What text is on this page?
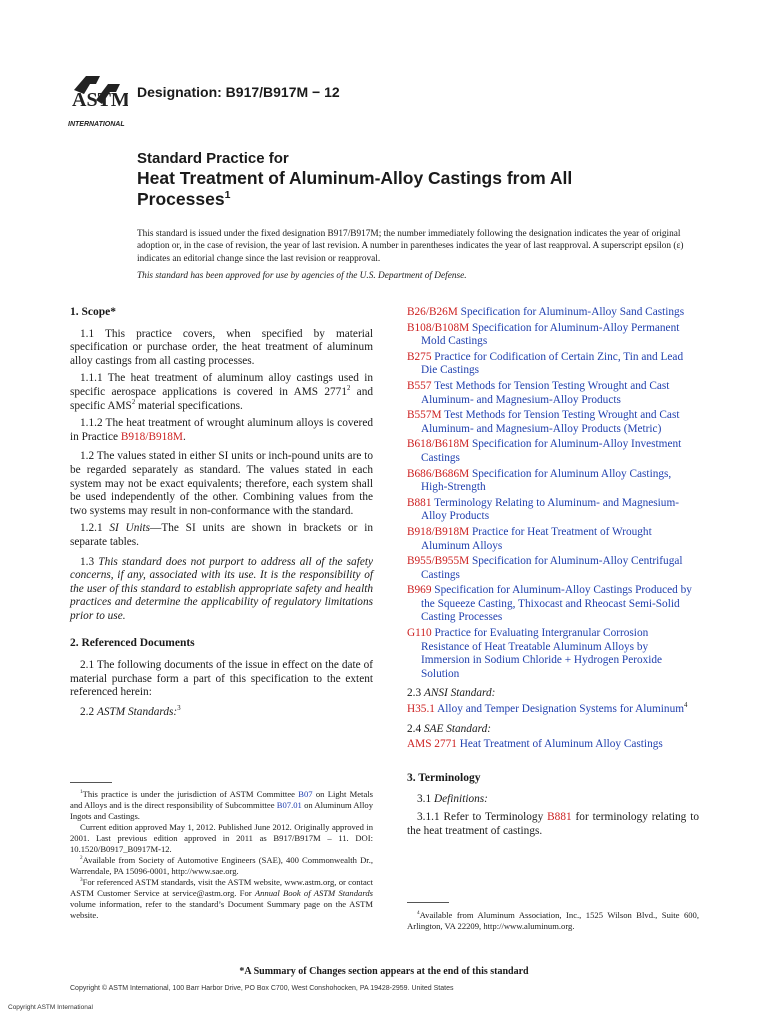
ASTM
INTERNATIONAL
Designation: B917/B917M − 12
Standard Practice for
Heat Treatment of Aluminum-Alloy Castings from All
Processes$^1$

This standard is issued under the fixed designation B917/B917M; the number immediately following the designation indicates the year of original adoption or, in the case of revision, the year of last revision. A number in parentheses indicates the year of last reapproval. A superscript epsilon (ε) indicates an editorial change since the last revision or reapproval.

This standard has been approved for use by agencies of the U.S. Department of Defense.

1. Scope*

1.1 This practice covers, when specified by material specification or purchase order, the heat treatment of aluminum alloy castings from all casting processes.

1.1.1 The heat treatment of aluminum alloy castings used in specific aerospace applications is covered in AMS 2771$^2$ and specific AMS$^2$ material specifications.

1.1.2 The heat treatment of wrought aluminum alloys is covered in Practice B918/B918M.

1.2 The values stated in either SI units or inch-pound units are to be regarded separately as standard. The values stated in each system may not be exact equivalents; therefore, each system shall be used independently of the other. Combining values from the two systems may result in non-conformance with the standard.

1.2.1 SI Units—The SI units are shown in brackets or in separate tables.

1.3 This standard does not purport to address all of the safety concerns, if any, associated with its use. It is the responsibility of the user of this standard to establish appropriate safety and health practices and determine the applicability of regulatory limitations prior to use.

2. Referenced Documents

2.1 The following documents of the issue in effect on the date of material purchase form a part of this specification to the extent referenced herein:

2.2 ASTM Standards:$^3$

B26/B26M Specification for Aluminum-Alloy Sand Castings

B108/B108M Specification for Aluminum-Alloy Permanent Mold Castings

B275 Practice for Codification of Certain Zinc, Tin and Lead Die Castings

B557 Test Methods for Tension Testing Wrought and Cast Aluminum- and Magnesium-Alloy Products

B557M Test Methods for Tension Testing Wrought and Cast Aluminum- and Magnesium-Alloy Products (Metric)

B618/B618M Specification for Aluminum-Alloy Investment Castings

B686/B686M Specification for Aluminum Alloy Castings, High-Strength

B881 Terminology Relating to Aluminum- and Magnesium-Alloy Products

B918/B918M Practice for Heat Treatment of Wrought Aluminum Alloys

B955/B955M Specification for Aluminum-Alloy Centrifugal Castings

B969 Specification for Aluminum-Alloy Castings Produced by the Squeeze Casting, Thixocast and Rheocast Semi-Solid Casting Processes

G110 Practice for Evaluating Intergranular Corrosion Resistance of Heat Treatable Aluminum Alloys by Immersion in Sodium Chloride + Hydrogen Peroxide Solution

2.3 ANSI Standard:

H35.1 Alloy and Temper Designation Systems for Aluminum$^4$

2.4 SAE Standard:

AMS 2771 Heat Treatment of Aluminum Alloy Castings

3. Terminology

3.1 Definitions:

3.1.1 Refer to Terminology B881 for terminology relating to the heat treatment of castings.

$^1$This practice is under the jurisdiction of ASTM Committee B07 on Light Metals and Alloys and is the direct responsibility of Subcommittee B07.01 on Aluminum Alloy Ingots and Castings.

Current edition approved May 1, 2012. Published June 2012. Originally approved in 2001. Last previous edition approved in 2011 as B917/B917M – 11. DOI: 10.1520/B0917_B0917M-12.

$^2$Available from Society of Automotive Engineers (SAE), 400 Commonwealth Dr., Warrendale, PA 15096-0001, http://www.sae.org.

$^3$For referenced ASTM standards, visit the ASTM website, www.astm.org, or contact ASTM Customer Service at service@astm.org. For Annual Book of ASTM Standards volume information, refer to the standard’s Document Summary page on the ASTM website.	$^4$Available from Aluminum Association, Inc., 1525 Wilson Blvd., Suite 600, Arlington, VA 22209, http://www.aluminum.org.

*A Summary of Changes section appears at the end of this standard
Copyright © ASTM International, 100 Barr Harbor Drive, PO Box C700, West Conshohocken, PA 19428-2959. United States
Copyright ASTM International
